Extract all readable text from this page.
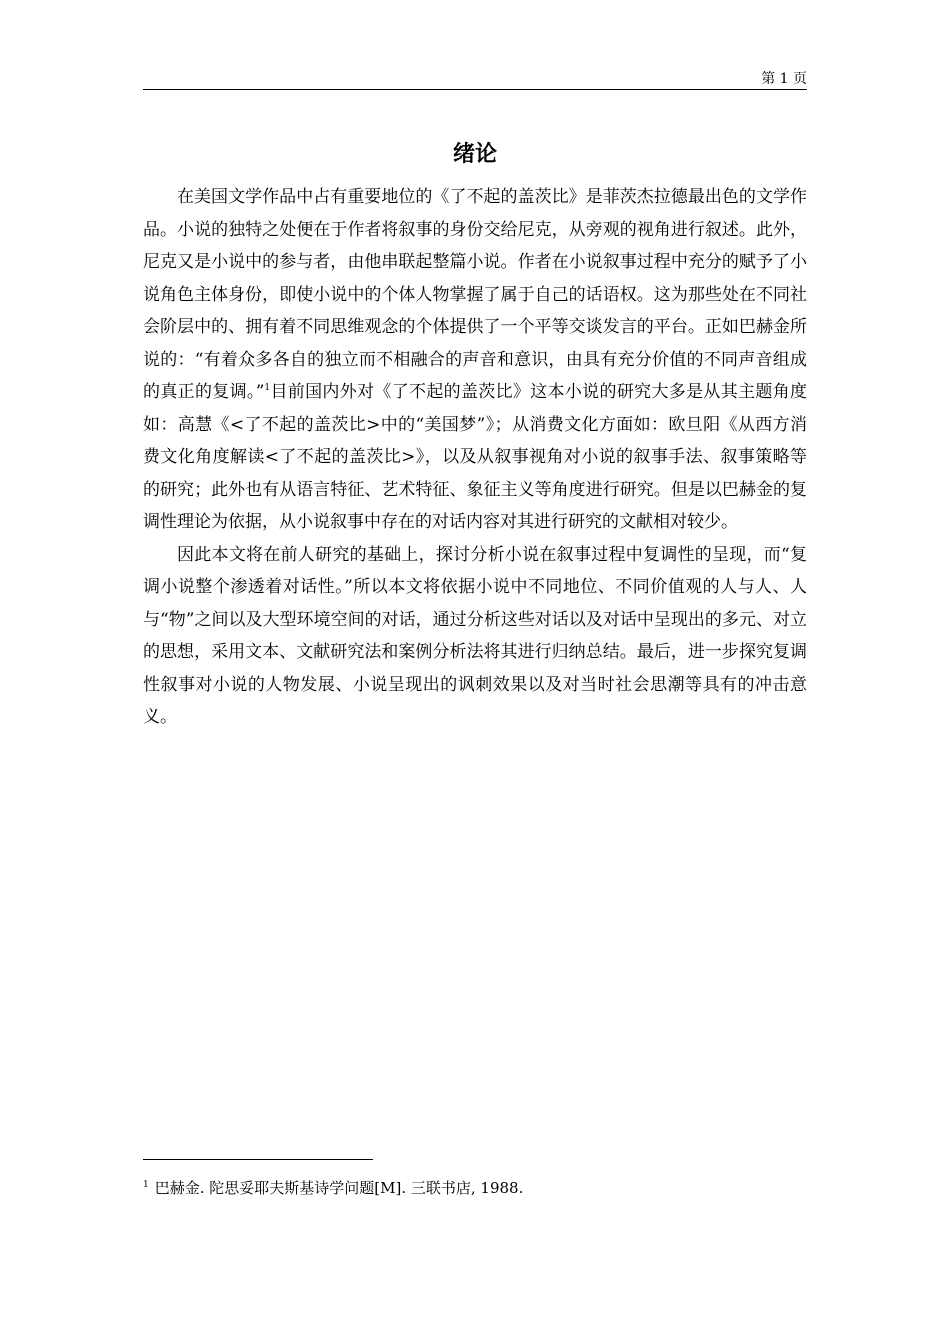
第 1 页
绪论

在美国文学作品中占有重要地位的《了不起的盖茨比》是菲茨杰拉德最出色的文学作品。小说的独特之处便在于作者将叙事的身份交给尼克，从旁观的视角进行叙述。此外，尼克又是小说中的参与者，由他串联起整篇小说。作者在小说叙事过程中充分的赋予了小说角色主体身份，即使小说中的个体人物掌握了属于自己的话语权。这为那些处在不同社会阶层中的、拥有着不同思维观念的个体提供了一个平等交谈发言的平台。正如巴赫金所说的：“有着众多各自的独立而不相融合的声音和意识，由具有充分价值的不同声音组成的真正的复调。”$^1$目前国内外对《了不起的盖茨比》这本小说的研究大多是从其主题角度如：高慧《<了不起的盖茨比>中的“美国梦”》；从消费文化方面如：欧旦阳《从西方消费文化角度解读<了不起的盖茨比>》，以及从叙事视角对小说的叙事手法、叙事策略等的研究；此外也有从语言特征、艺术特征、象征主义等角度进行研究。但是以巴赫金的复调性理论为依据，从小说叙事中存在的对话内容对其进行研究的文献相对较少。

因此本文将在前人研究的基础上，探讨分析小说在叙事过程中复调性的呈现，而“复调小说整个渗透着对话性。”所以本文将依据小说中不同地位、不同价值观的人与人、人与“物”之间以及大型环境空间的对话，通过分析这些对话以及对话中呈现出的多元、对立的思想，采用文本、文献研究法和案例分析法将其进行归纳总结。最后，进一步探究复调性叙事对小说的人物发展、小说呈现出的讽刺效果以及对当时社会思潮等具有的冲击意义。

$^1$ 巴赫金. 陀思妥耶夫斯基诗学问题[M]. 三联书店, 1988.
